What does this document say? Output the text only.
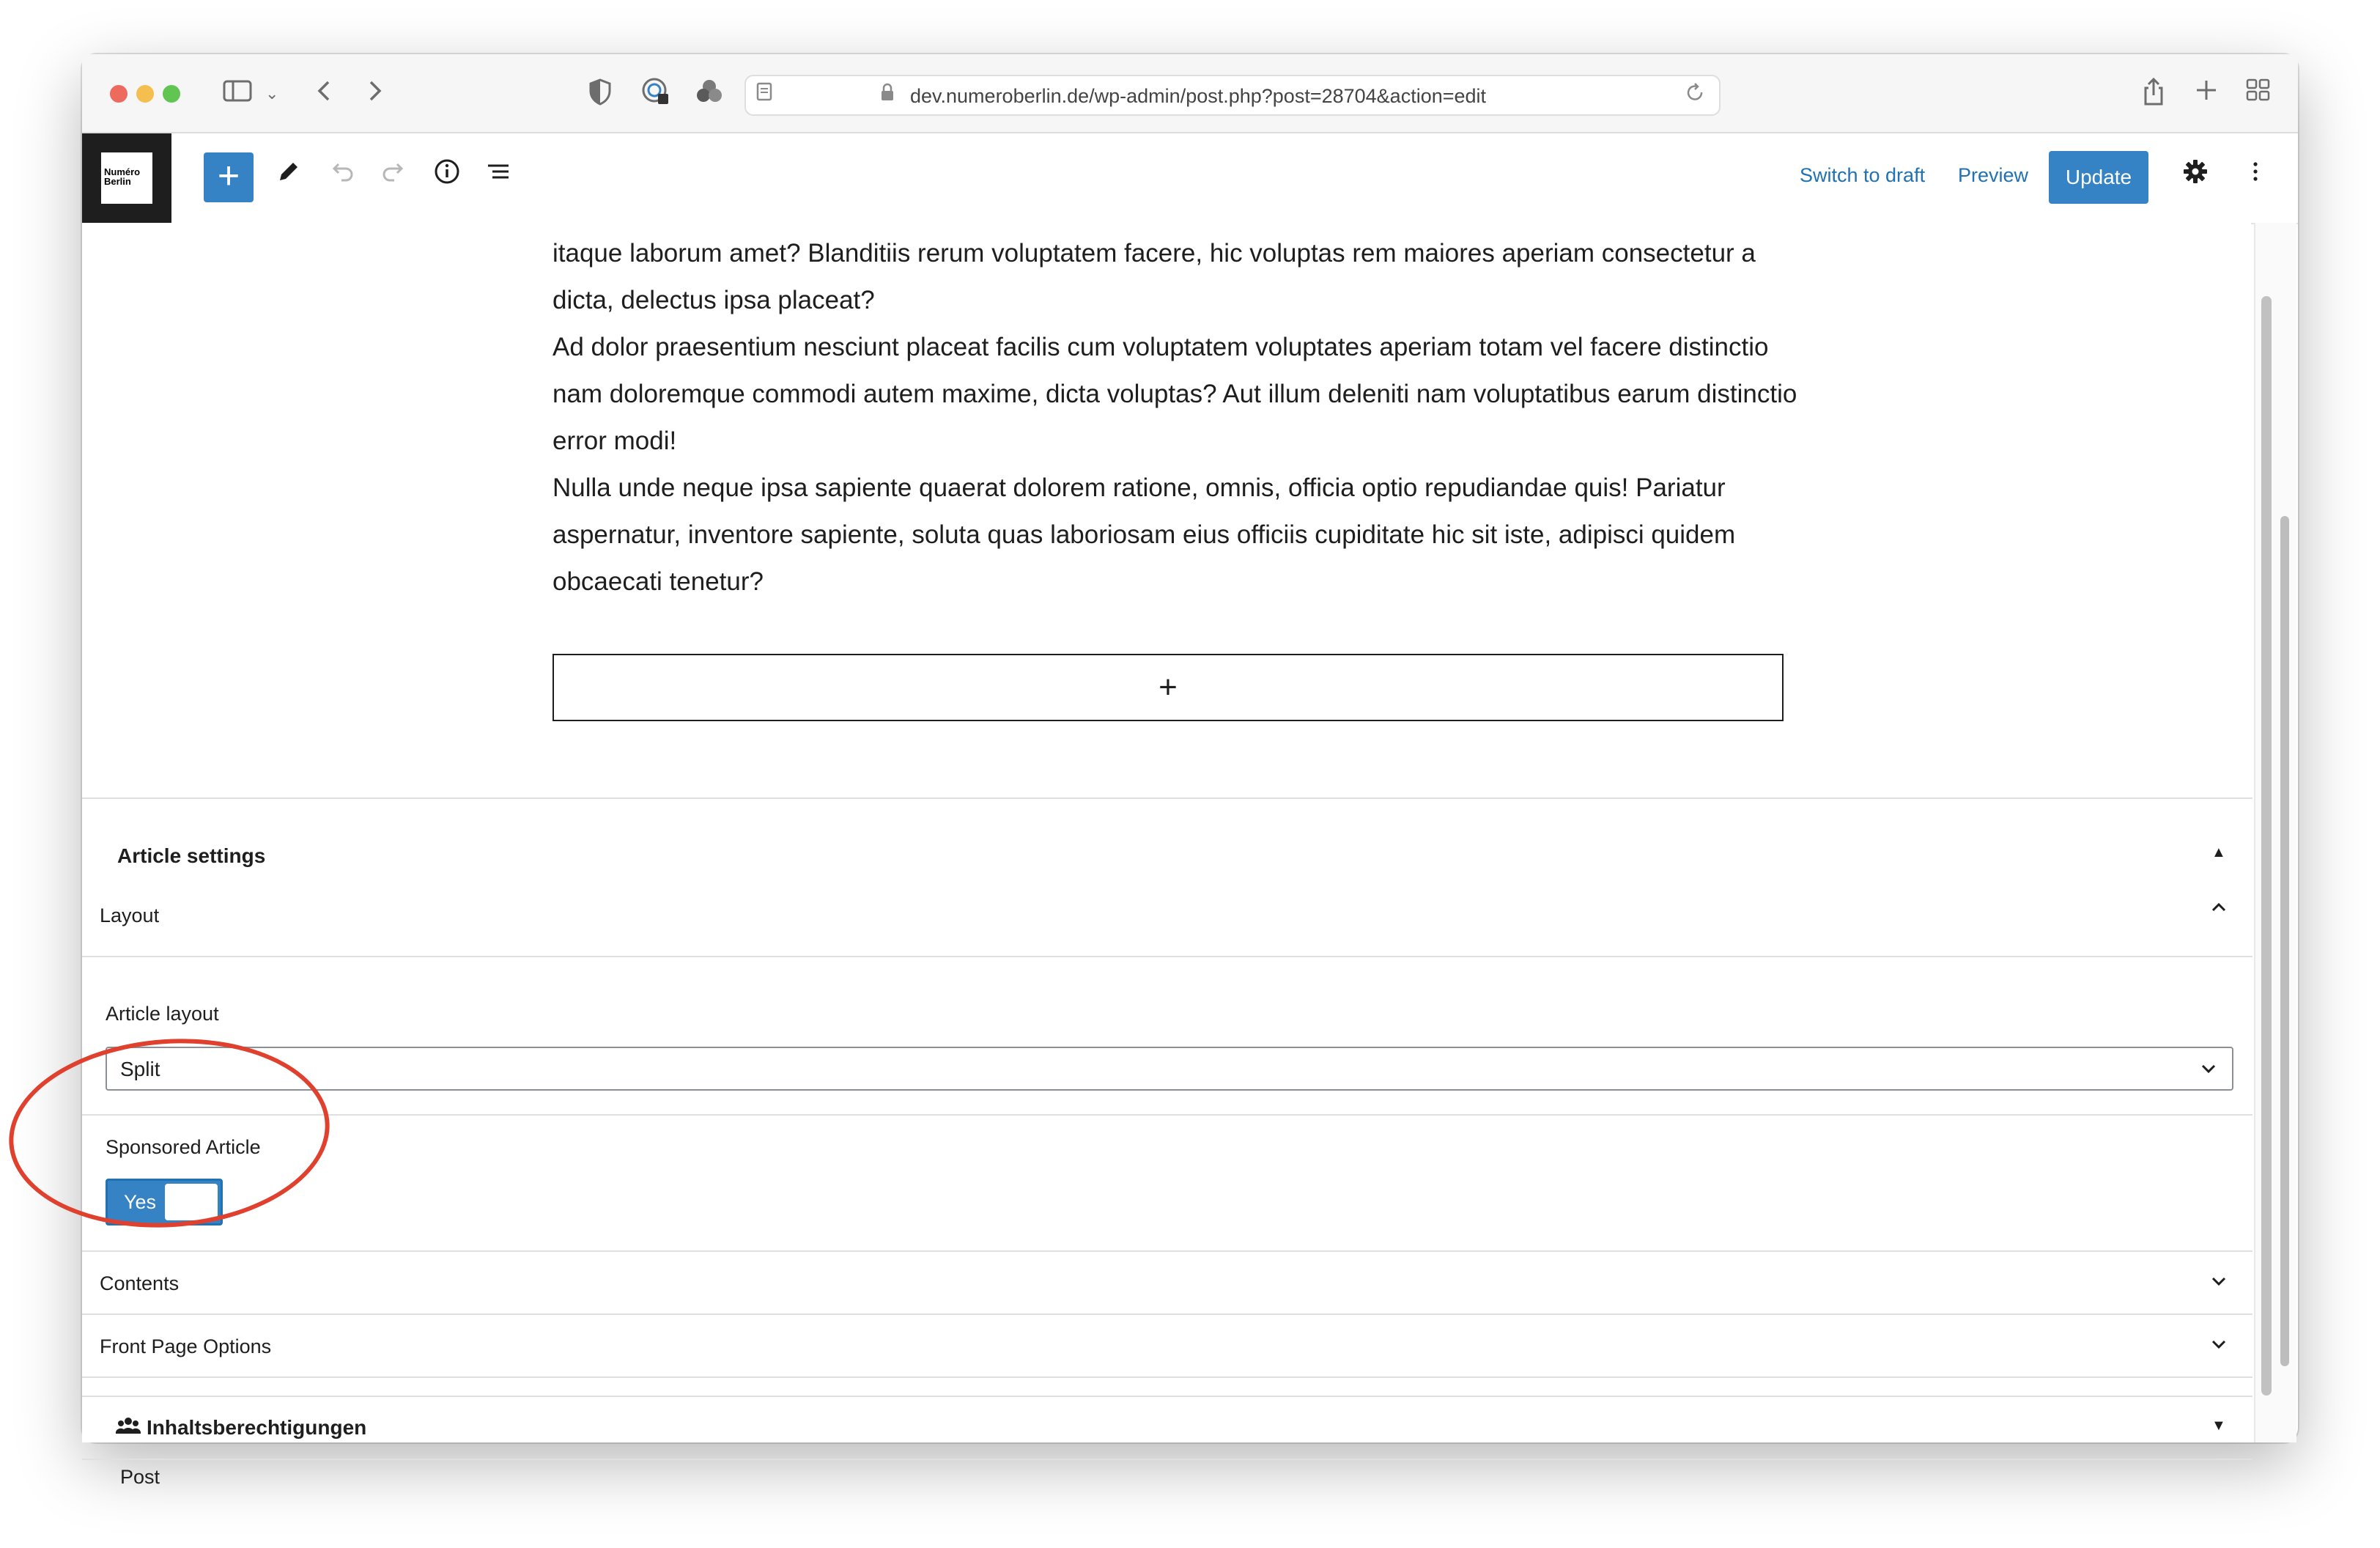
⌄	dev.numeroberlin.de/wp-admin/post.php?post=28704&action=edit
Numéro Berlin	+	Switch to draft Preview	Update
itaque laborum amet? Blanditiis rerum voluptatem facere, hic voluptas rem maiores aperiam consectetur a dicta, delectus ipsa placeat?
Ad dolor praesentium nesciunt placeat facilis cum voluptatem voluptates aperiam totam vel facere distinctio nam doloremque commodi autem maxime, dicta voluptas? Aut illum deleniti nam voluptatibus earum distinctio error modi!
Nulla unde neque ipsa sapiente quaerat dolorem ratione, omnis, officia optio repudiandae quis! Pariatur aspernatur, inventore sapiente, soluta quas laboriosam eius officiis cupiditate hic sit iste, adipisci quidem obcaecati tenetur?
+
Article settings	▲
Layout
Article layout
Split
Sponsored Article
Yes
Contents
Front Page Options
Inhaltsberechtigungen	▼
Post
